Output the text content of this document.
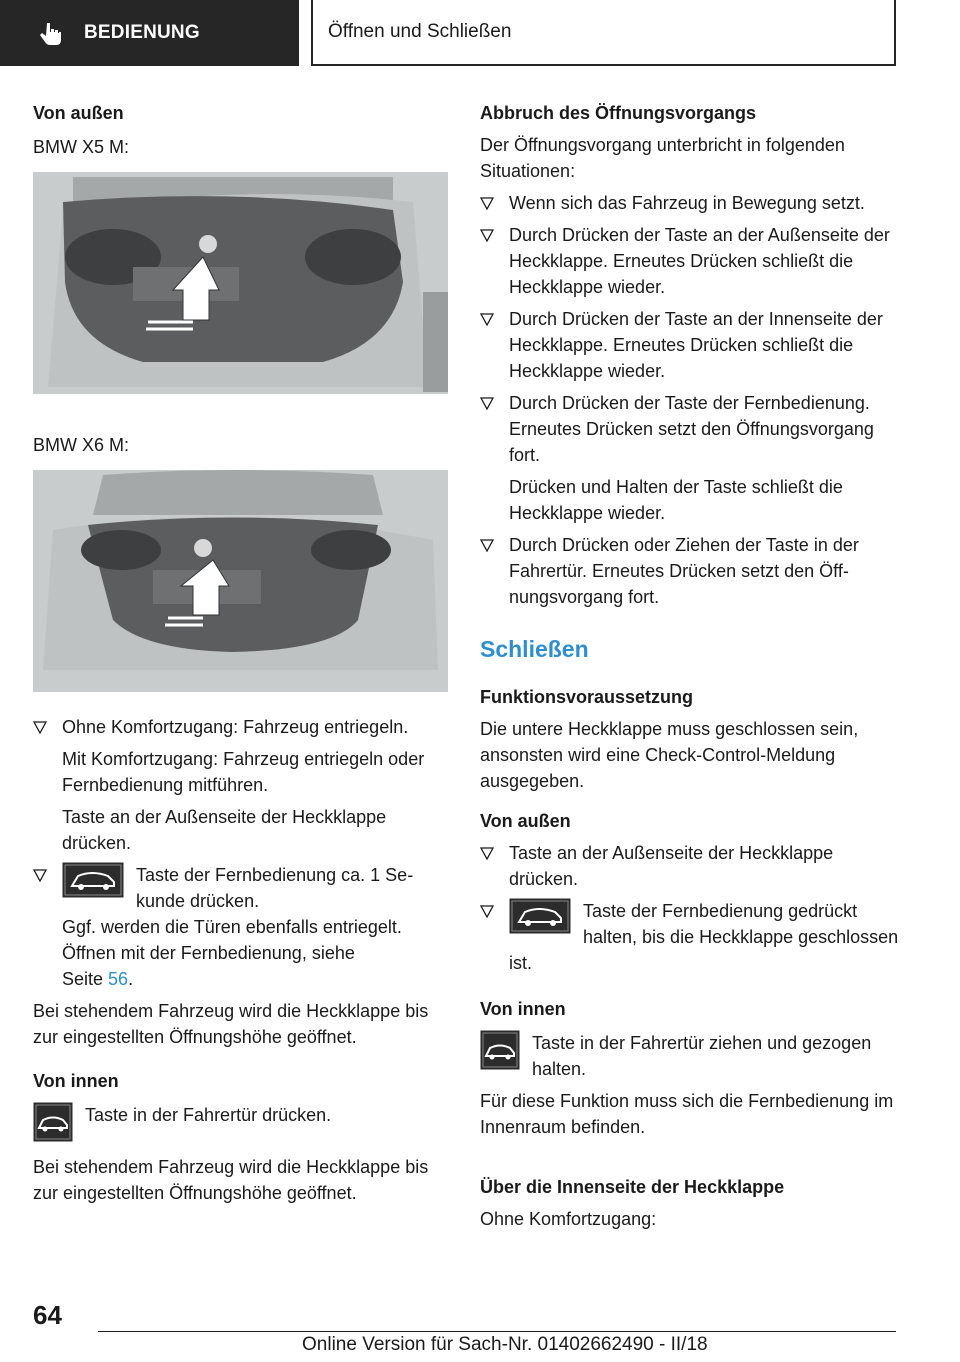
BEDIENUNG	Öffnen und Schließen

Von außen

BMW X5 M:

BMW X6 M:

Ohne Komfortzugang: Fahrzeug entriegeln.

Mit Komfortzugang: Fahrzeug entriegeln oder Fernbedienung mitführen.

Taste an der Außenseite der Heckklappe drücken.

Taste der Fernbedienung ca. 1 Sekunde drücken.

Ggf. werden die Türen ebenfalls entriegelt. Öffnen mit der Fernbedienung, siehe

Seite 56.

Bei stehendem Fahrzeug wird die Heckklappe bis zur eingestellten Öffnungshöhe geöffnet.

Von innen

Taste in der Fahrertür drücken.

Bei stehendem Fahrzeug wird die Heckklappe bis zur eingestellten Öffnungshöhe geöffnet.

Abbruch des Öffnungsvorgangs

Der Öffnungsvorgang unterbricht in folgenden Situationen:

Wenn sich das Fahrzeug in Bewegung setzt.

Durch Drücken der Taste an der Außenseite der Heckklappe. Erneutes Drücken schließt die Heckklappe wieder.

Durch Drücken der Taste an der Innenseite der Heckklappe. Erneutes Drücken schließt die Heckklappe wieder.

Durch Drücken der Taste der Fernbedienung. Erneutes Drücken setzt den Öffnungsvorgang fort.

Drücken und Halten der Taste schließt die Heckklappe wieder.

Durch Drücken oder Ziehen der Taste in der Fahrertür. Erneutes Drücken setzt den Öffnungsvorgang fort.

Schließen

Funktionsvoraussetzung

Die untere Heckklappe muss geschlossen sein, ansonsten wird eine Check-Control-Meldung ausgegeben.

Von außen

Taste an der Außenseite der Heckklappe drücken.

Taste der Fernbedienung gedrückt halten, bis die Heckklappe geschlossen ist.

Von innen

Taste in der Fahrertür ziehen und gezogen halten.

Für diese Funktion muss sich die Fernbedienung im Innenraum befinden.

Über die Innenseite der Heckklappe

Ohne Komfortzugang:

64
Online Version für Sach-Nr. 01402662490 - II/18
